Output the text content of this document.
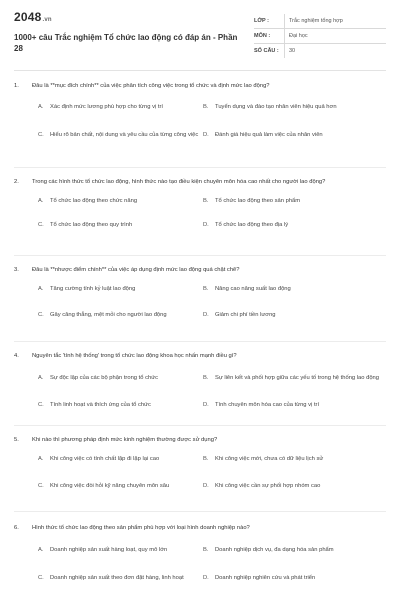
2048.vn
1000+ câu Trắc nghiệm Tổ chức lao động có đáp án - Phần 28
LỚP :	Trắc nghiệm tổng hợp
MÔN :	Đại học
SỐ CÂU :	30
1. Đâu là **mục đích chính** của việc phân tích công việc trong tổ chức và định mức lao động?
A.	Xác định mức lương phù hợp cho từng vị trí	B.	Tuyển dụng và đào tạo nhân viên hiệu quả hơn
C.	Hiểu rõ bản chất, nội dung và yêu cầu của từng công việc D.	Đánh giá hiệu quả làm việc của nhân viên
2. Trong các hình thức tổ chức lao động, hình thức nào tạo điều kiện chuyên môn hóa cao nhất cho người lao động?
A.	Tổ chức lao động theo chức năng	B.	Tổ chức lao động theo sản phẩm
C.	Tổ chức lao động theo quy trình	D.	Tổ chức lao động theo địa lý
3. Đâu là **nhược điểm chính** của việc áp dụng định mức lao động quá chặt chẽ?
A.	Tăng cường tính kỷ luật lao động	B.	Nâng cao năng suất lao động
C.	Gây căng thẳng, mệt mỏi cho người lao động	D.	Giảm chi phí tiền lương
4. Nguyên tắc 'tính hệ thống' trong tổ chức lao động khoa học nhấn mạnh điều gì?
A.	Sự độc lập của các bộ phận trong tổ chức	B.	Sự liên kết và phối hợp giữa các yếu tố trong hệ thống lao động
C.	Tính linh hoạt và thích ứng của tổ chức	D.	Tính chuyên môn hóa cao của từng vị trí
5. Khi nào thì phương pháp định mức kinh nghiệm thường được sử dụng?
A.	Khi công việc có tính chất lặp đi lặp lại cao	B.	Khi công việc mới, chưa có dữ liệu lịch sử
C.	Khi công việc đòi hỏi kỹ năng chuyên môn sâu	D.	Khi công việc cần sự phối hợp nhóm cao
6. Hình thức tổ chức lao động theo sản phẩm phù hợp với loại hình doanh nghiệp nào?
A.	Doanh nghiệp sản xuất hàng loạt, quy mô lớn	B.	Doanh nghiệp dịch vụ, đa dạng hóa sản phẩm
C.	Doanh nghiệp sản xuất theo đơn đặt hàng, linh hoạt	D.	Doanh nghiệp nghiên cứu và phát triển
